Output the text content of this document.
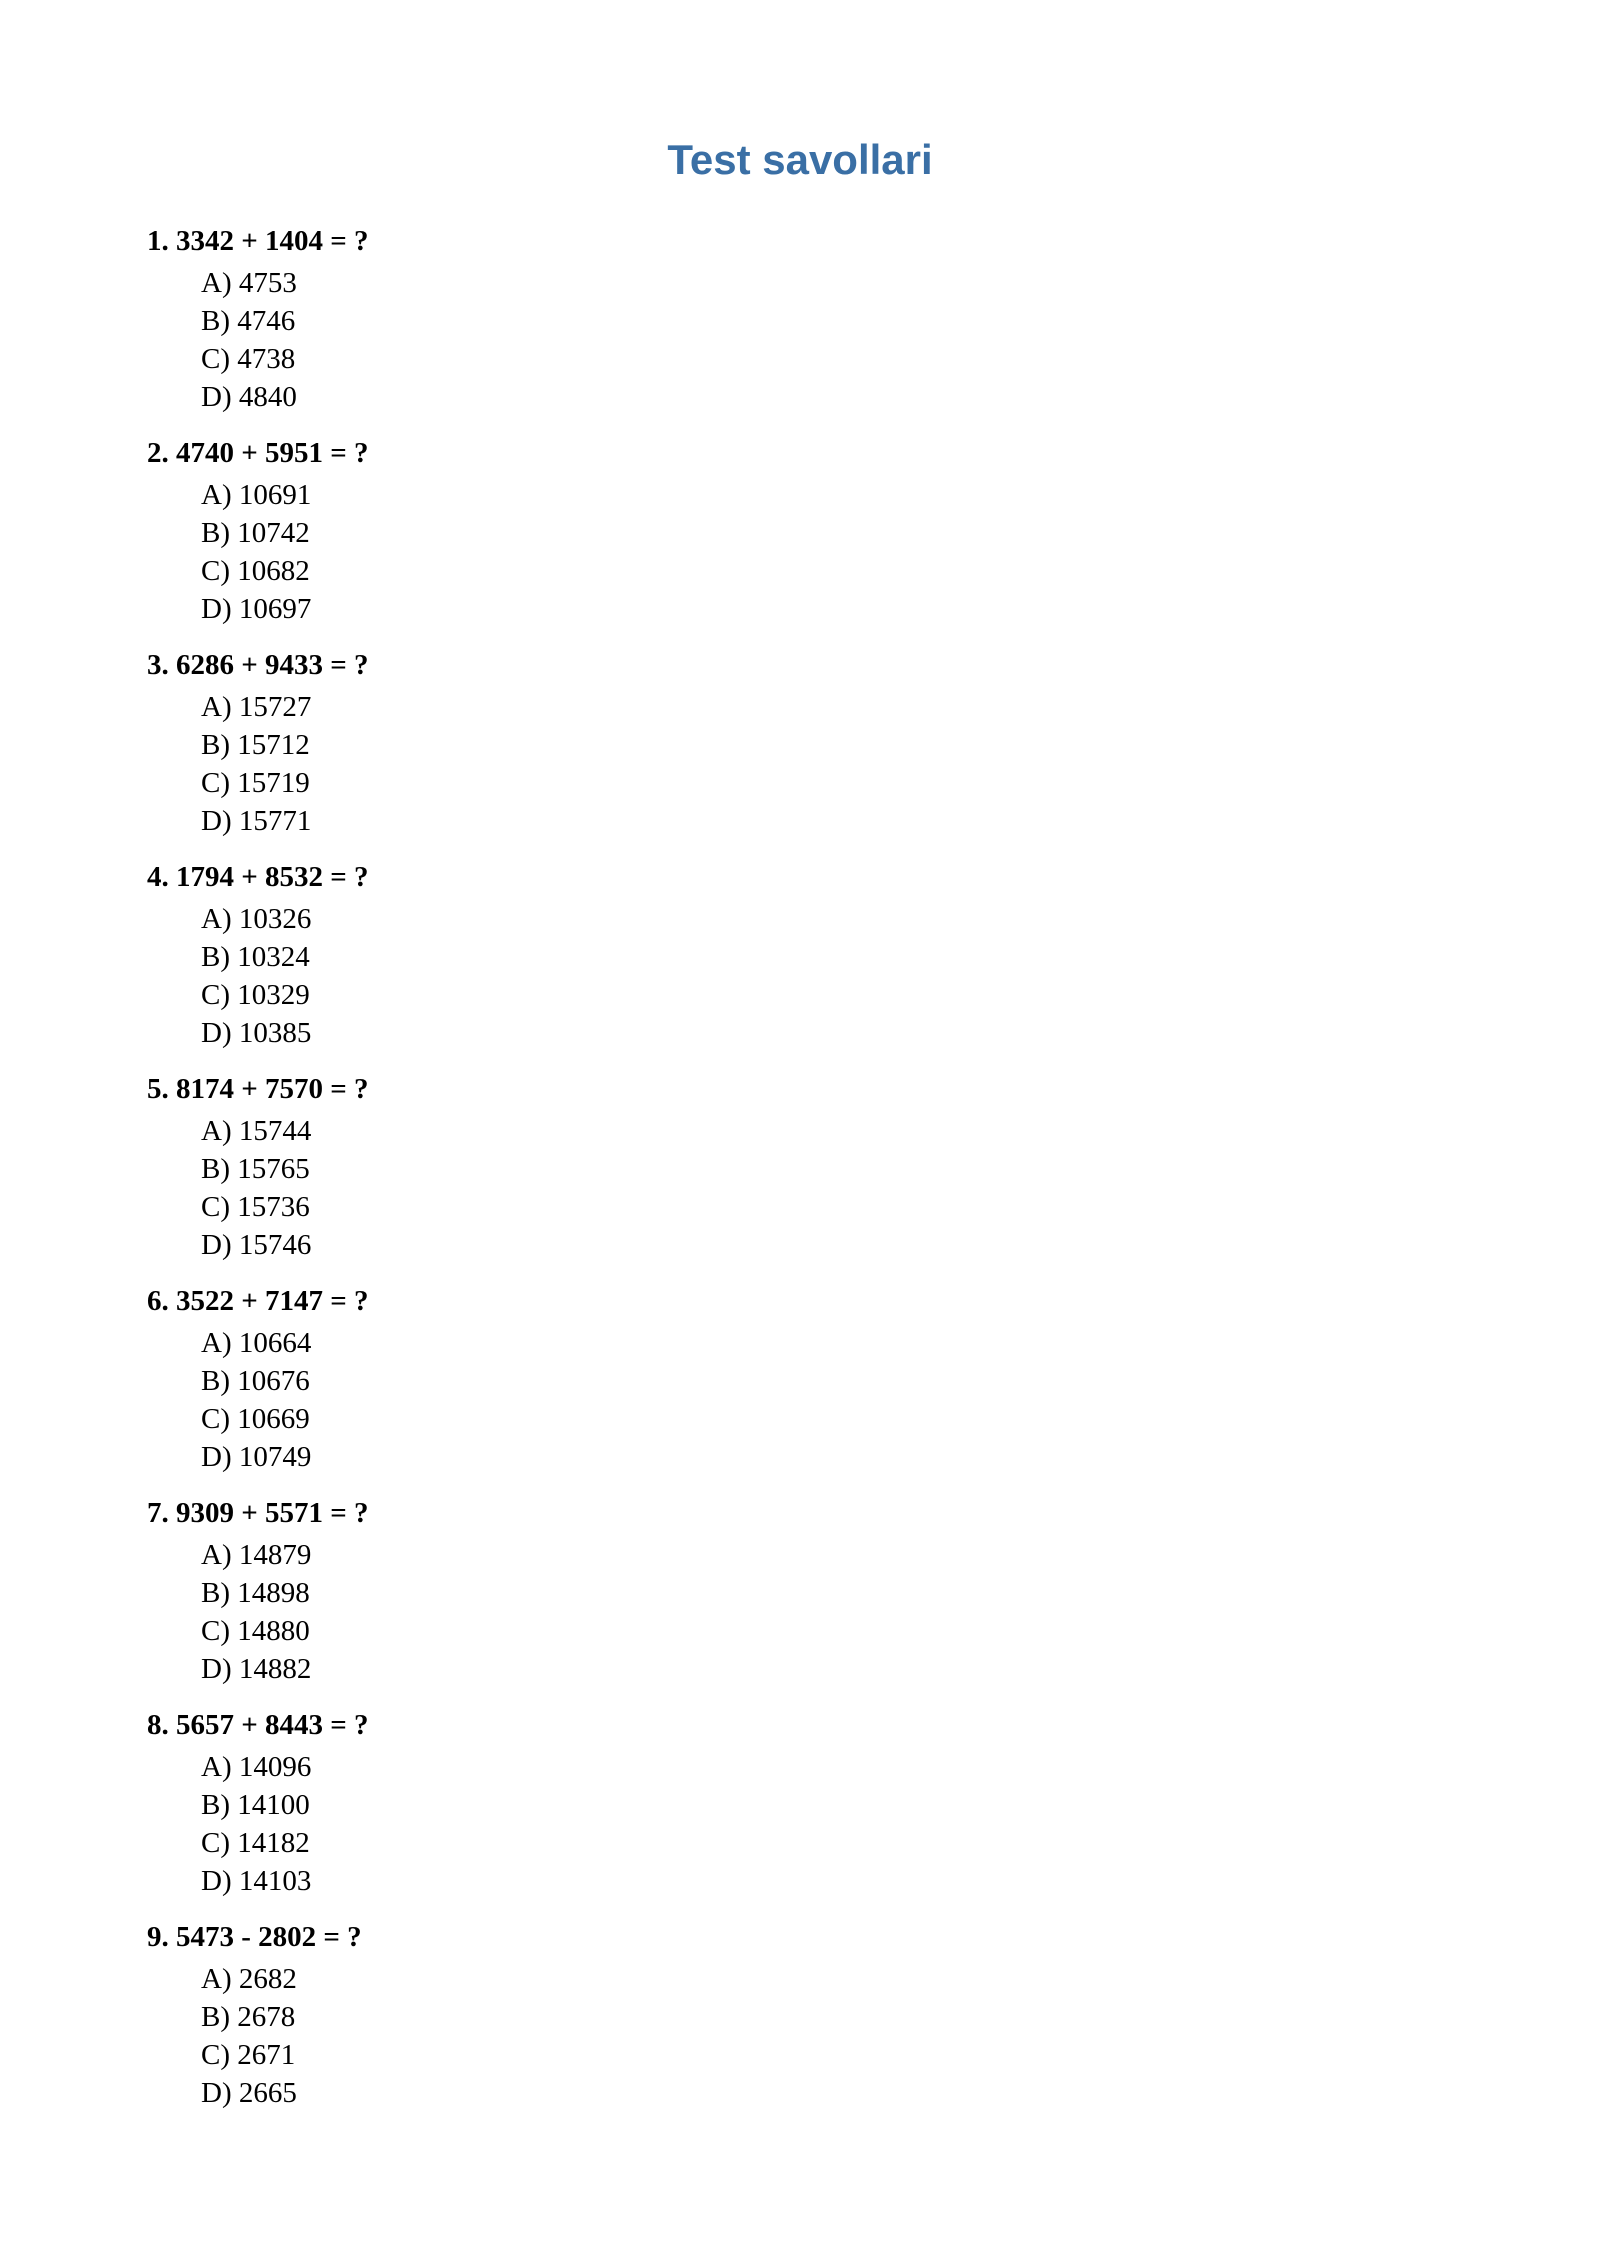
Test savollari
1. 3342 + 1404 = ?
A) 4753
B) 4746
C) 4738
D) 4840
2. 4740 + 5951 = ?
A) 10691
B) 10742
C) 10682
D) 10697
3. 6286 + 9433 = ?
A) 15727
B) 15712
C) 15719
D) 15771
4. 1794 + 8532 = ?
A) 10326
B) 10324
C) 10329
D) 10385
5. 8174 + 7570 = ?
A) 15744
B) 15765
C) 15736
D) 15746
6. 3522 + 7147 = ?
A) 10664
B) 10676
C) 10669
D) 10749
7. 9309 + 5571 = ?
A) 14879
B) 14898
C) 14880
D) 14882
8. 5657 + 8443 = ?
A) 14096
B) 14100
C) 14182
D) 14103
9. 5473 - 2802 = ?
A) 2682
B) 2678
C) 2671
D) 2665
